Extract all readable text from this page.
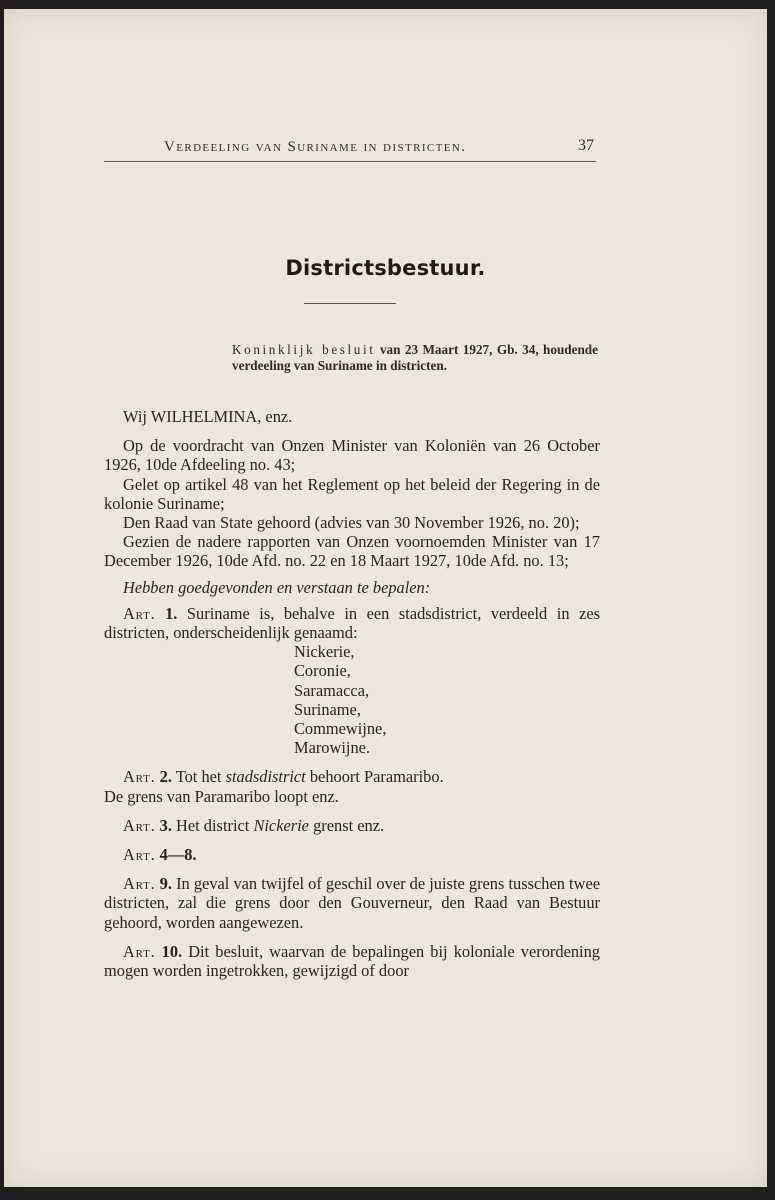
Verdeeling van Suriname in districten.	37
Districtsbestuur.
Koninklijk besluit van 23 Maart 1927, Gb. 34, houdende verdeeling van Suriname in districten.

Wij WILHELMINA, enz.

Op de voordracht van Onzen Minister van Koloniën van 26 October 1926, 10de Afdeeling no. 43;

Gelet op artikel 48 van het Reglement op het beleid der Regering in de kolonie Suriname;

Den Raad van State gehoord (advies van 30 November 1926, no. 20);

Gezien de nadere rapporten van Onzen voornoemden Minister van 17 December 1926, 10de Afd. no. 22 en 18 Maart 1927, 10de Afd. no. 13;

Hebben goedgevonden en verstaan te bepalen:

Art. 1. Suriname is, behalve in een stadsdistrict, verdeeld in zes districten, onderscheidenlijk genaamd:

Nickerie,
Coronie,
Saramacca,
Suriname,
Commewijne,
Marowijne.

Art. 2. Tot het stadsdistrict behoort Paramaribo.

De grens van Paramaribo loopt enz.

Art. 3. Het district Nickerie grenst enz.

Art. 4—8.

Art. 9. In geval van twijfel of geschil over de juiste grens tusschen twee districten, zal die grens door den Gouverneur, den Raad van Bestuur gehoord, worden aangewezen.

Art. 10. Dit besluit, waarvan de bepalingen bij koloniale verordening mogen worden ingetrokken, gewijzigd of door
